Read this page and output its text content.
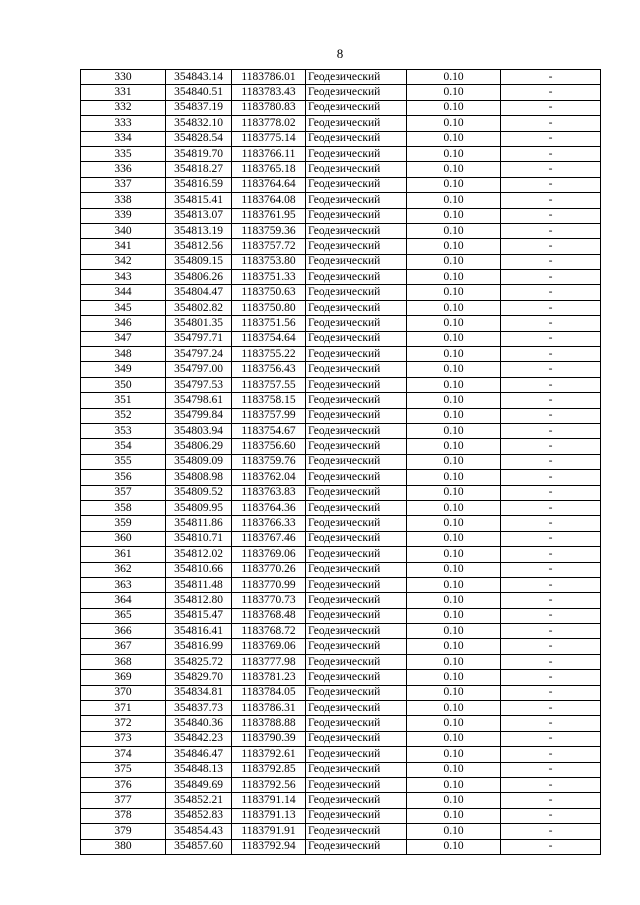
8
330	354843.14	1183786.01	Геодезический	0.10	-
331	354840.51	1183783.43	Геодезический	0.10	-
332	354837.19	1183780.83	Геодезический	0.10	-
333	354832.10	1183778.02	Геодезический	0.10	-
334	354828.54	1183775.14	Геодезический	0.10	-
335	354819.70	1183766.11	Геодезический	0.10	-
336	354818.27	1183765.18	Геодезический	0.10	-
337	354816.59	1183764.64	Геодезический	0.10	-
338	354815.41	1183764.08	Геодезический	0.10	-
339	354813.07	1183761.95	Геодезический	0.10	-
340	354813.19	1183759.36	Геодезический	0.10	-
341	354812.56	1183757.72	Геодезический	0.10	-
342	354809.15	1183753.80	Геодезический	0.10	-
343	354806.26	1183751.33	Геодезический	0.10	-
344	354804.47	1183750.63	Геодезический	0.10	-
345	354802.82	1183750.80	Геодезический	0.10	-
346	354801.35	1183751.56	Геодезический	0.10	-
347	354797.71	1183754.64	Геодезический	0.10	-
348	354797.24	1183755.22	Геодезический	0.10	-
349	354797.00	1183756.43	Геодезический	0.10	-
350	354797.53	1183757.55	Геодезический	0.10	-
351	354798.61	1183758.15	Геодезический	0.10	-
352	354799.84	1183757.99	Геодезический	0.10	-
353	354803.94	1183754.67	Геодезический	0.10	-
354	354806.29	1183756.60	Геодезический	0.10	-
355	354809.09	1183759.76	Геодезический	0.10	-
356	354808.98	1183762.04	Геодезический	0.10	-
357	354809.52	1183763.83	Геодезический	0.10	-
358	354809.95	1183764.36	Геодезический	0.10	-
359	354811.86	1183766.33	Геодезический	0.10	-
360	354810.71	1183767.46	Геодезический	0.10	-
361	354812.02	1183769.06	Геодезический	0.10	-
362	354810.66	1183770.26	Геодезический	0.10	-
363	354811.48	1183770.99	Геодезический	0.10	-
364	354812.80	1183770.73	Геодезический	0.10	-
365	354815.47	1183768.48	Геодезический	0.10	-
366	354816.41	1183768.72	Геодезический	0.10	-
367	354816.99	1183769.06	Геодезический	0.10	-
368	354825.72	1183777.98	Геодезический	0.10	-
369	354829.70	1183781.23	Геодезический	0.10	-
370	354834.81	1183784.05	Геодезический	0.10	-
371	354837.73	1183786.31	Геодезический	0.10	-
372	354840.36	1183788.88	Геодезический	0.10	-
373	354842.23	1183790.39	Геодезический	0.10	-
374	354846.47	1183792.61	Геодезический	0.10	-
375	354848.13	1183792.85	Геодезический	0.10	-
376	354849.69	1183792.56	Геодезический	0.10	-
377	354852.21	1183791.14	Геодезический	0.10	-
378	354852.83	1183791.13	Геодезический	0.10	-
379	354854.43	1183791.91	Геодезический	0.10	-
380	354857.60	1183792.94	Геодезический	0.10	-
